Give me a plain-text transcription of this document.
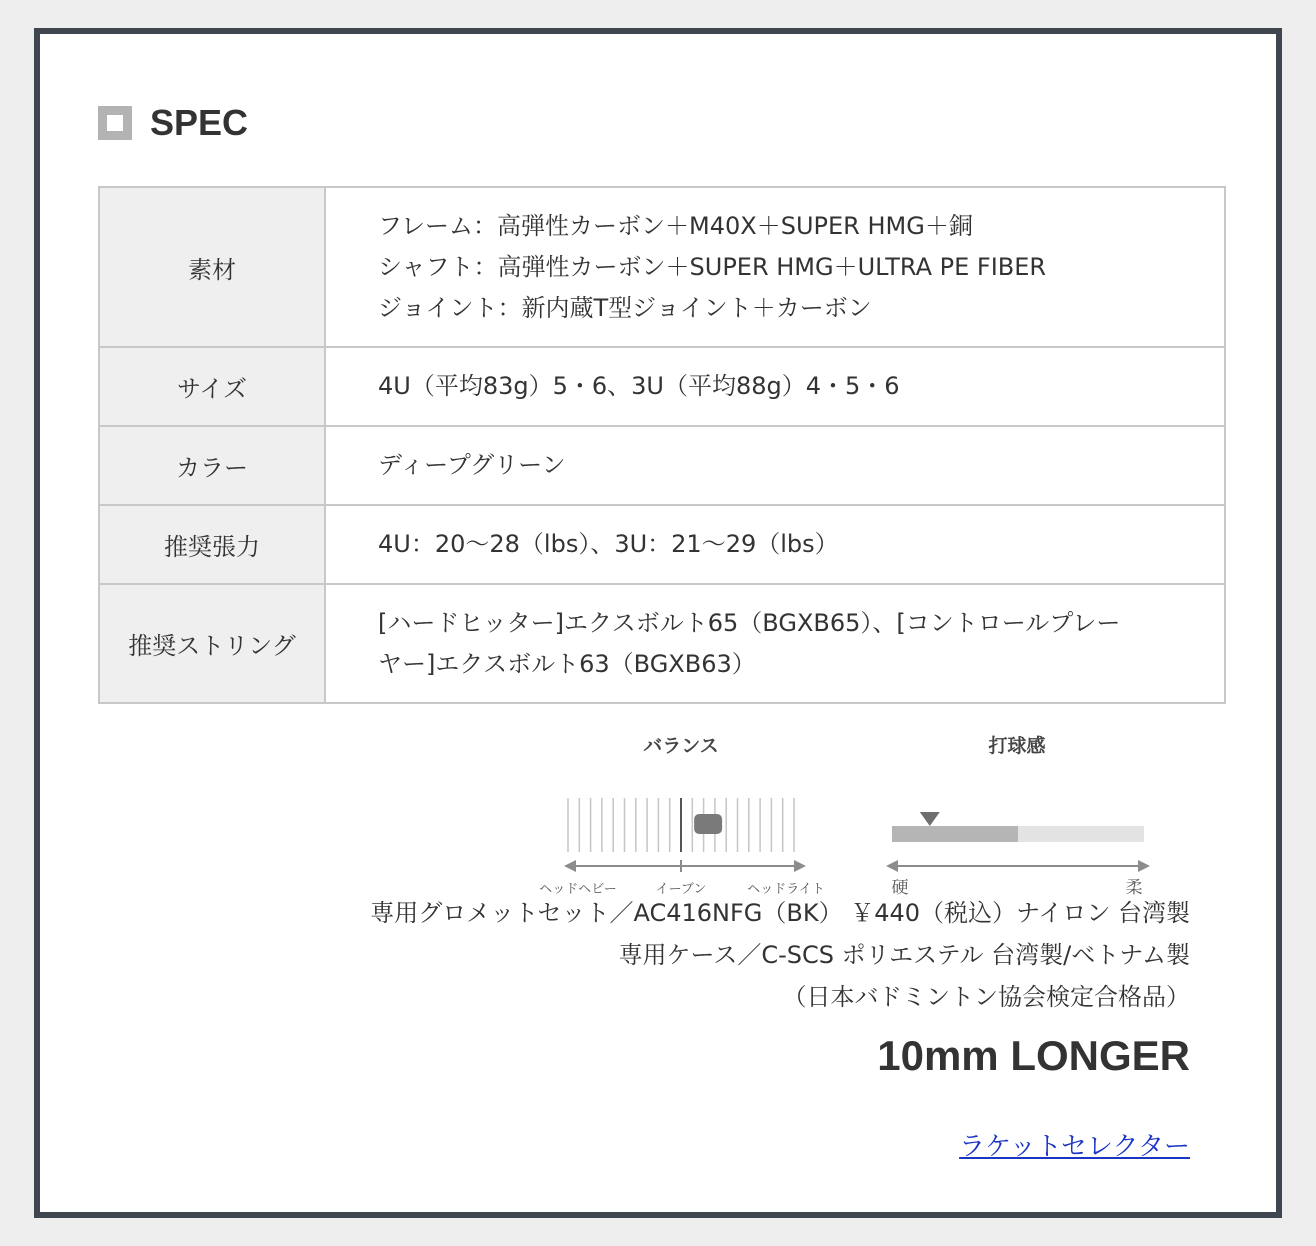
SPEC
素材	フレーム：高弾性カーボン＋M40X＋SUPER HMG＋銅
シャフト：高弾性カーボン＋SUPER HMG＋ULTRA PE FIBER
ジョイント：新内蔵T型ジョイント＋カーボン

サイズ	4U（平均83g）5・6、3U（平均88g）4・5・6

カラー	ディープグリーン

推奨張力	4U：20〜28（lbs）、3U：21〜29（lbs）

推奨ストリング	[ハードヒッター]エクスボルト65（BGXB65）、[コントロールプレー
ヤー]エクスボルト63（BGXB63）
バランス
ヘッドヘビー	イーブン	ヘッドライト
打球感
硬	柔
専用グロメットセット／AC416NFG（BK） ￥440（税込）ナイロン 台湾製
専用ケース／C-SCS ポリエステル 台湾製/ベトナム製
（日本バドミントン協会検定合格品）
10mm LONGER
ラケットセレクター
